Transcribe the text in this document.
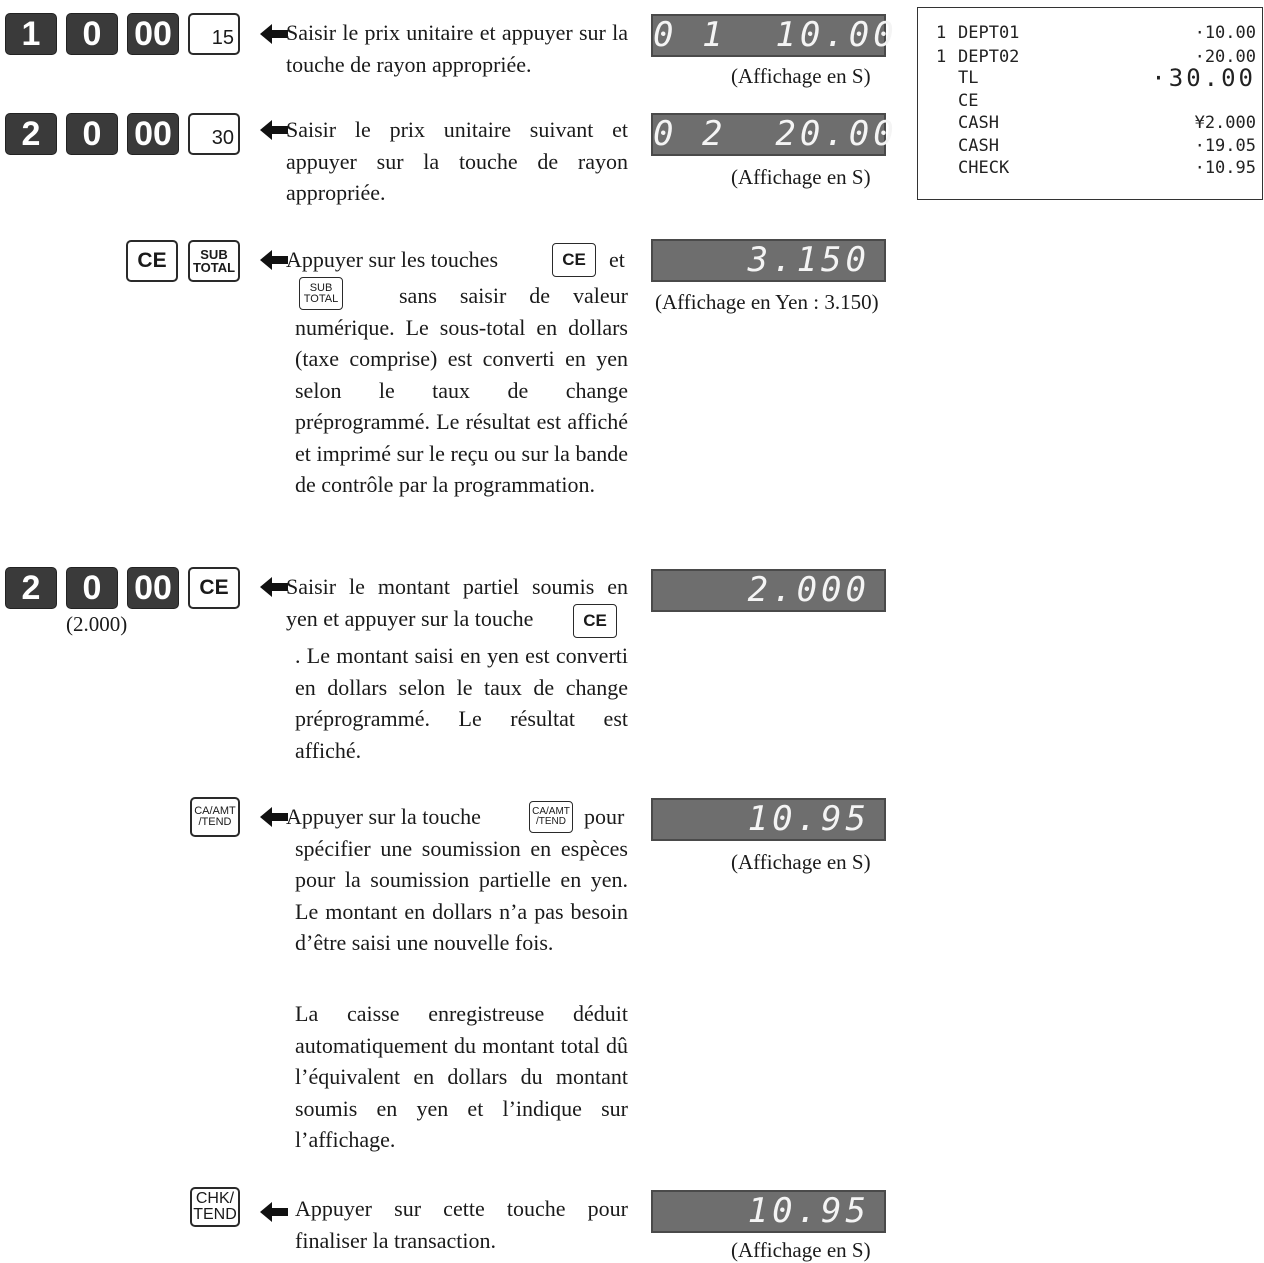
1	0 00	15 Saisir le prix unitaire et appuyer sur la touche de rayon appropriée.

0 1  10.00
(Affichage en S)
2	0 00	30 Saisir le prix unitaire suivant et appuyer sur la touche de rayon appropriée.

0 2  20.00
(Affichage en S)
CE	SUB
TOTAL Appuyer sur les touches	CE	et
SUB
TOTAL	sans saisir de valeur numérique. Le sous-total en dollars (taxe comprise) est converti en yen selon le taux de change préprogrammé. Le résultat est affiché et imprimé sur le reçu ou sur la bande de contrôle par la programmation.

3.150
(Affichage en Yen : 3.150)
2	0 00	CE
(2.000)

Saisir le montant partiel soumis en yen et appuyer sur la touche	CE

. Le montant saisi en yen est converti en dollars selon le taux de change préprogrammé. Le résultat est affiché.

2.000
CA/AMT
/TEND Appuyer sur la touche	CA/AMT
/TEND pour spécifier une soumission en espèces pour la soumission partielle en yen. Le montant en dollars n’a pas besoin d’être saisi une nouvelle fois.

La caisse enregistreuse déduit automatiquement du montant total dû l’équivalent en dollars du montant soumis en yen et l’indique sur l’affichage.

10.95
(Affichage en S)
CHK/
TEND	Appuyer sur cette touche pour finaliser la transaction.

10.95
(Affichage en S)
1 DEPT01	·10.00
1 DEPT02	·20.00
TL	·30.00
CE
CASH	¥2.000
CASH	·19.05
CHECK	·10.95
